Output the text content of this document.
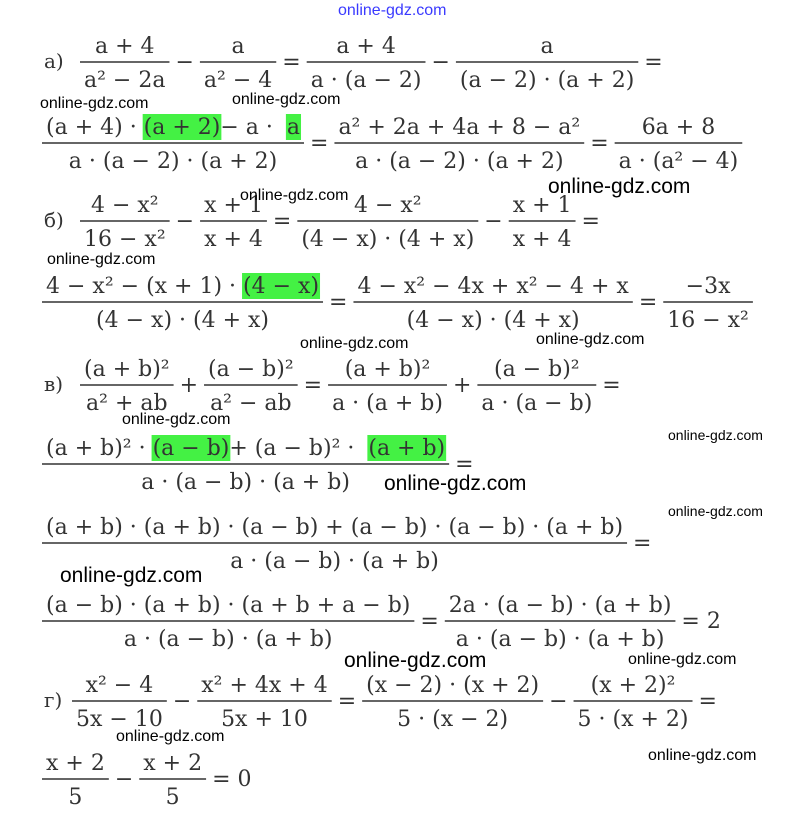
a + 4
a² − 2a
−
a
a² − 4
=
a + 4
a · (a − 2)
−
a
(a − 2) · (a + 2)
=
(a + 4) · (a + 2) − a · a
a · (a − 2) · (a + 2)
=
a² + 2a + 4a + 8 − a²
a · (a − 2) · (a + 2)
=
6a + 8
a · (a² − 4)
4 − x²
16 − x²
−
x + 1
x + 4
=
4 − x²
(4 − x) · (4 + x)
−
x + 1
x + 4
=
4 − x² − (x + 1) · (4 − x)
(4 − x) · (4 + x)
=
4 − x² − 4x + x² − 4 + x
(4 − x) · (4 + x)
=
−3x
16 − x²
(a + b)²
a² + ab
+
(a − b)²
a² − ab
=
(a + b)²
a · (a + b)
+
(a − b)²
a · (a − b)
=
(a + b)² · (a − b) + (a − b)² · (a + b)
a · (a − b) · (a + b)
=
(a + b) · (a + b) · (a − b) + (a − b) · (a − b) · (a + b)
a · (a − b) · (a + b)
=
(a − b) · (a + b) · (a + b + a − b)
a · (a − b) · (a + b)
=
2a · (a − b) · (a + b)
a · (a − b) · (a + b)
= 2
x² − 4
5x − 10
−
x² + 4x + 4
5x + 10
=
(x − 2) · (x + 2)
5 · (x − 2)
−
(x + 2)²
5 · (x + 2)
=
x + 2
5
−
x + 2
5
= 0
а)
б)
в)
г)
online-gdz.com
online-gdz.com	online-gdz.com
online-gdz.com
online-gdz.com
online-gdz.com
online-gdz.com	online-gdz.com
online-gdz.com
online-gdz.com
online-gdz.com
online-gdz.com
online-gdz.com
online-gdz.com	online-gdz.com
online-gdz.com
online-gdz.com
